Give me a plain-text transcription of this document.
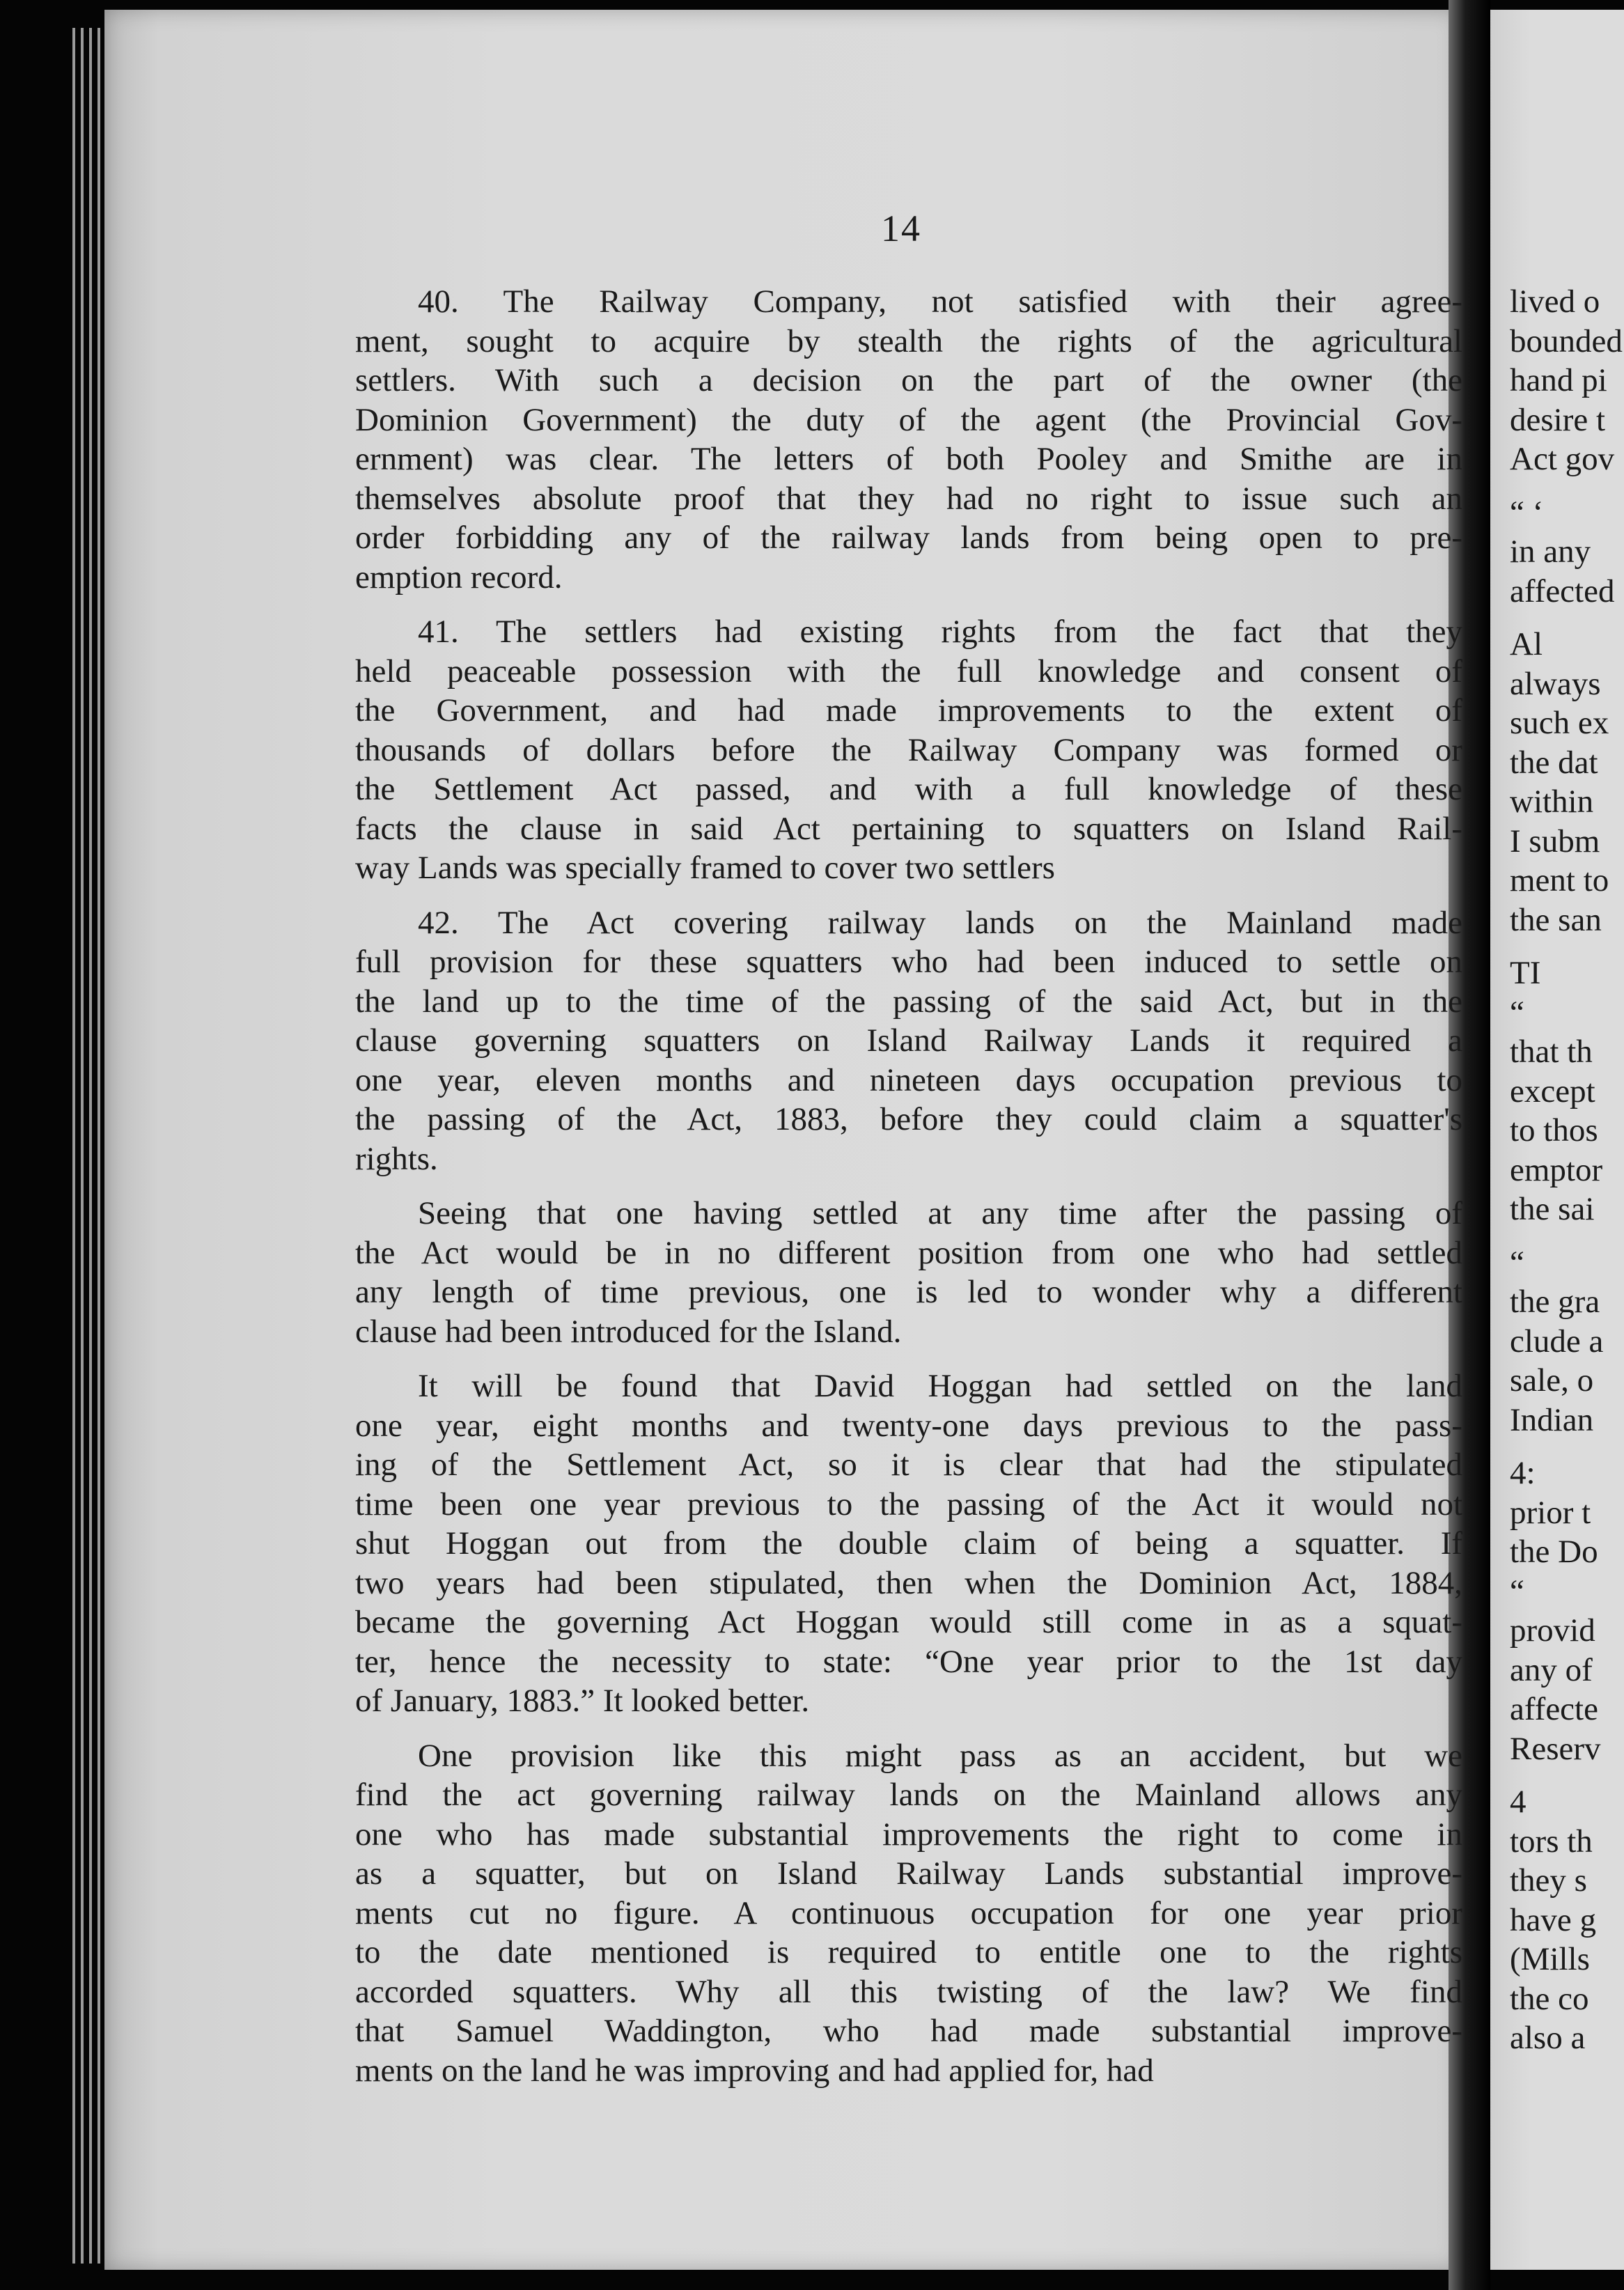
14
40. The Railway Company, not satisfied with their agree-
ment, sought to acquire by stealth the rights of the agricultural
settlers. With such a decision on the part of the owner (the
Dominion Government) the duty of the agent (the Provincial Gov-
ernment) was clear. The letters of both Pooley and Smithe are in
themselves absolute proof that they had no right to issue such an
order forbidding any of the railway lands from being open to pre-
emption record.
41. The settlers had existing rights from the fact that they
held peaceable possession with the full knowledge and consent of
the Government, and had made improvements to the extent of
thousands of dollars before the Railway Company was formed or
the Settlement Act passed, and with a full knowledge of these
facts the clause in said Act pertaining to squatters on Island Rail-
way Lands was specially framed to cover two settlers
42. The Act covering railway lands on the Mainland made
full provision for these squatters who had been induced to settle on
the land up to the time of the passing of the said Act, but in the
clause governing squatters on Island Railway Lands it required a
one year, eleven months and nineteen days occupation previous to
the passing of the Act, 1883, before they could claim a squatter's
rights.
Seeing that one having settled at any time after the passing of
the Act would be in no different position from one who had settled
any length of time previous, one is led to wonder why a different
clause had been introduced for the Island.
It will be found that David Hoggan had settled on the land
one year, eight months and twenty-one days previous to the pass-
ing of the Settlement Act, so it is clear that had the stipulated
time been one year previous to the passing of the Act it would not
shut Hoggan out from the double claim of being a squatter. If
two years had been stipulated, then when the Dominion Act, 1884,
became the governing Act Hoggan would still come in as a squat-
ter, hence the necessity to state: “One year prior to the 1st day
of January, 1883.” It looked better.
One provision like this might pass as an accident, but we
find the act governing railway lands on the Mainland allows any
one who has made substantial improvements the right to come in
as a squatter, but on Island Railway Lands substantial improve-
ments cut no figure. A continuous occupation for one year prior
to the date mentioned is required to entitle one to the rights
accorded squatters. Why all this twisting of the law? We find
that Samuel Waddington, who had made substantial improve-
ments on the land he was improving and had applied for, had
lived o
bounded
hand pi
desire t
Act gov
“ ‘
in any
affected
Al
always
such ex
the dat
within
I subm
ment to
the san
TI
“
that th
except
to thos
emptor
the sai
“
the gra
clude a
sale, o
Indian
4:
prior t
the Do
“
provid
any of
affecte
Reserv
4
tors th
they s
have g
(Mills
the co
also a
